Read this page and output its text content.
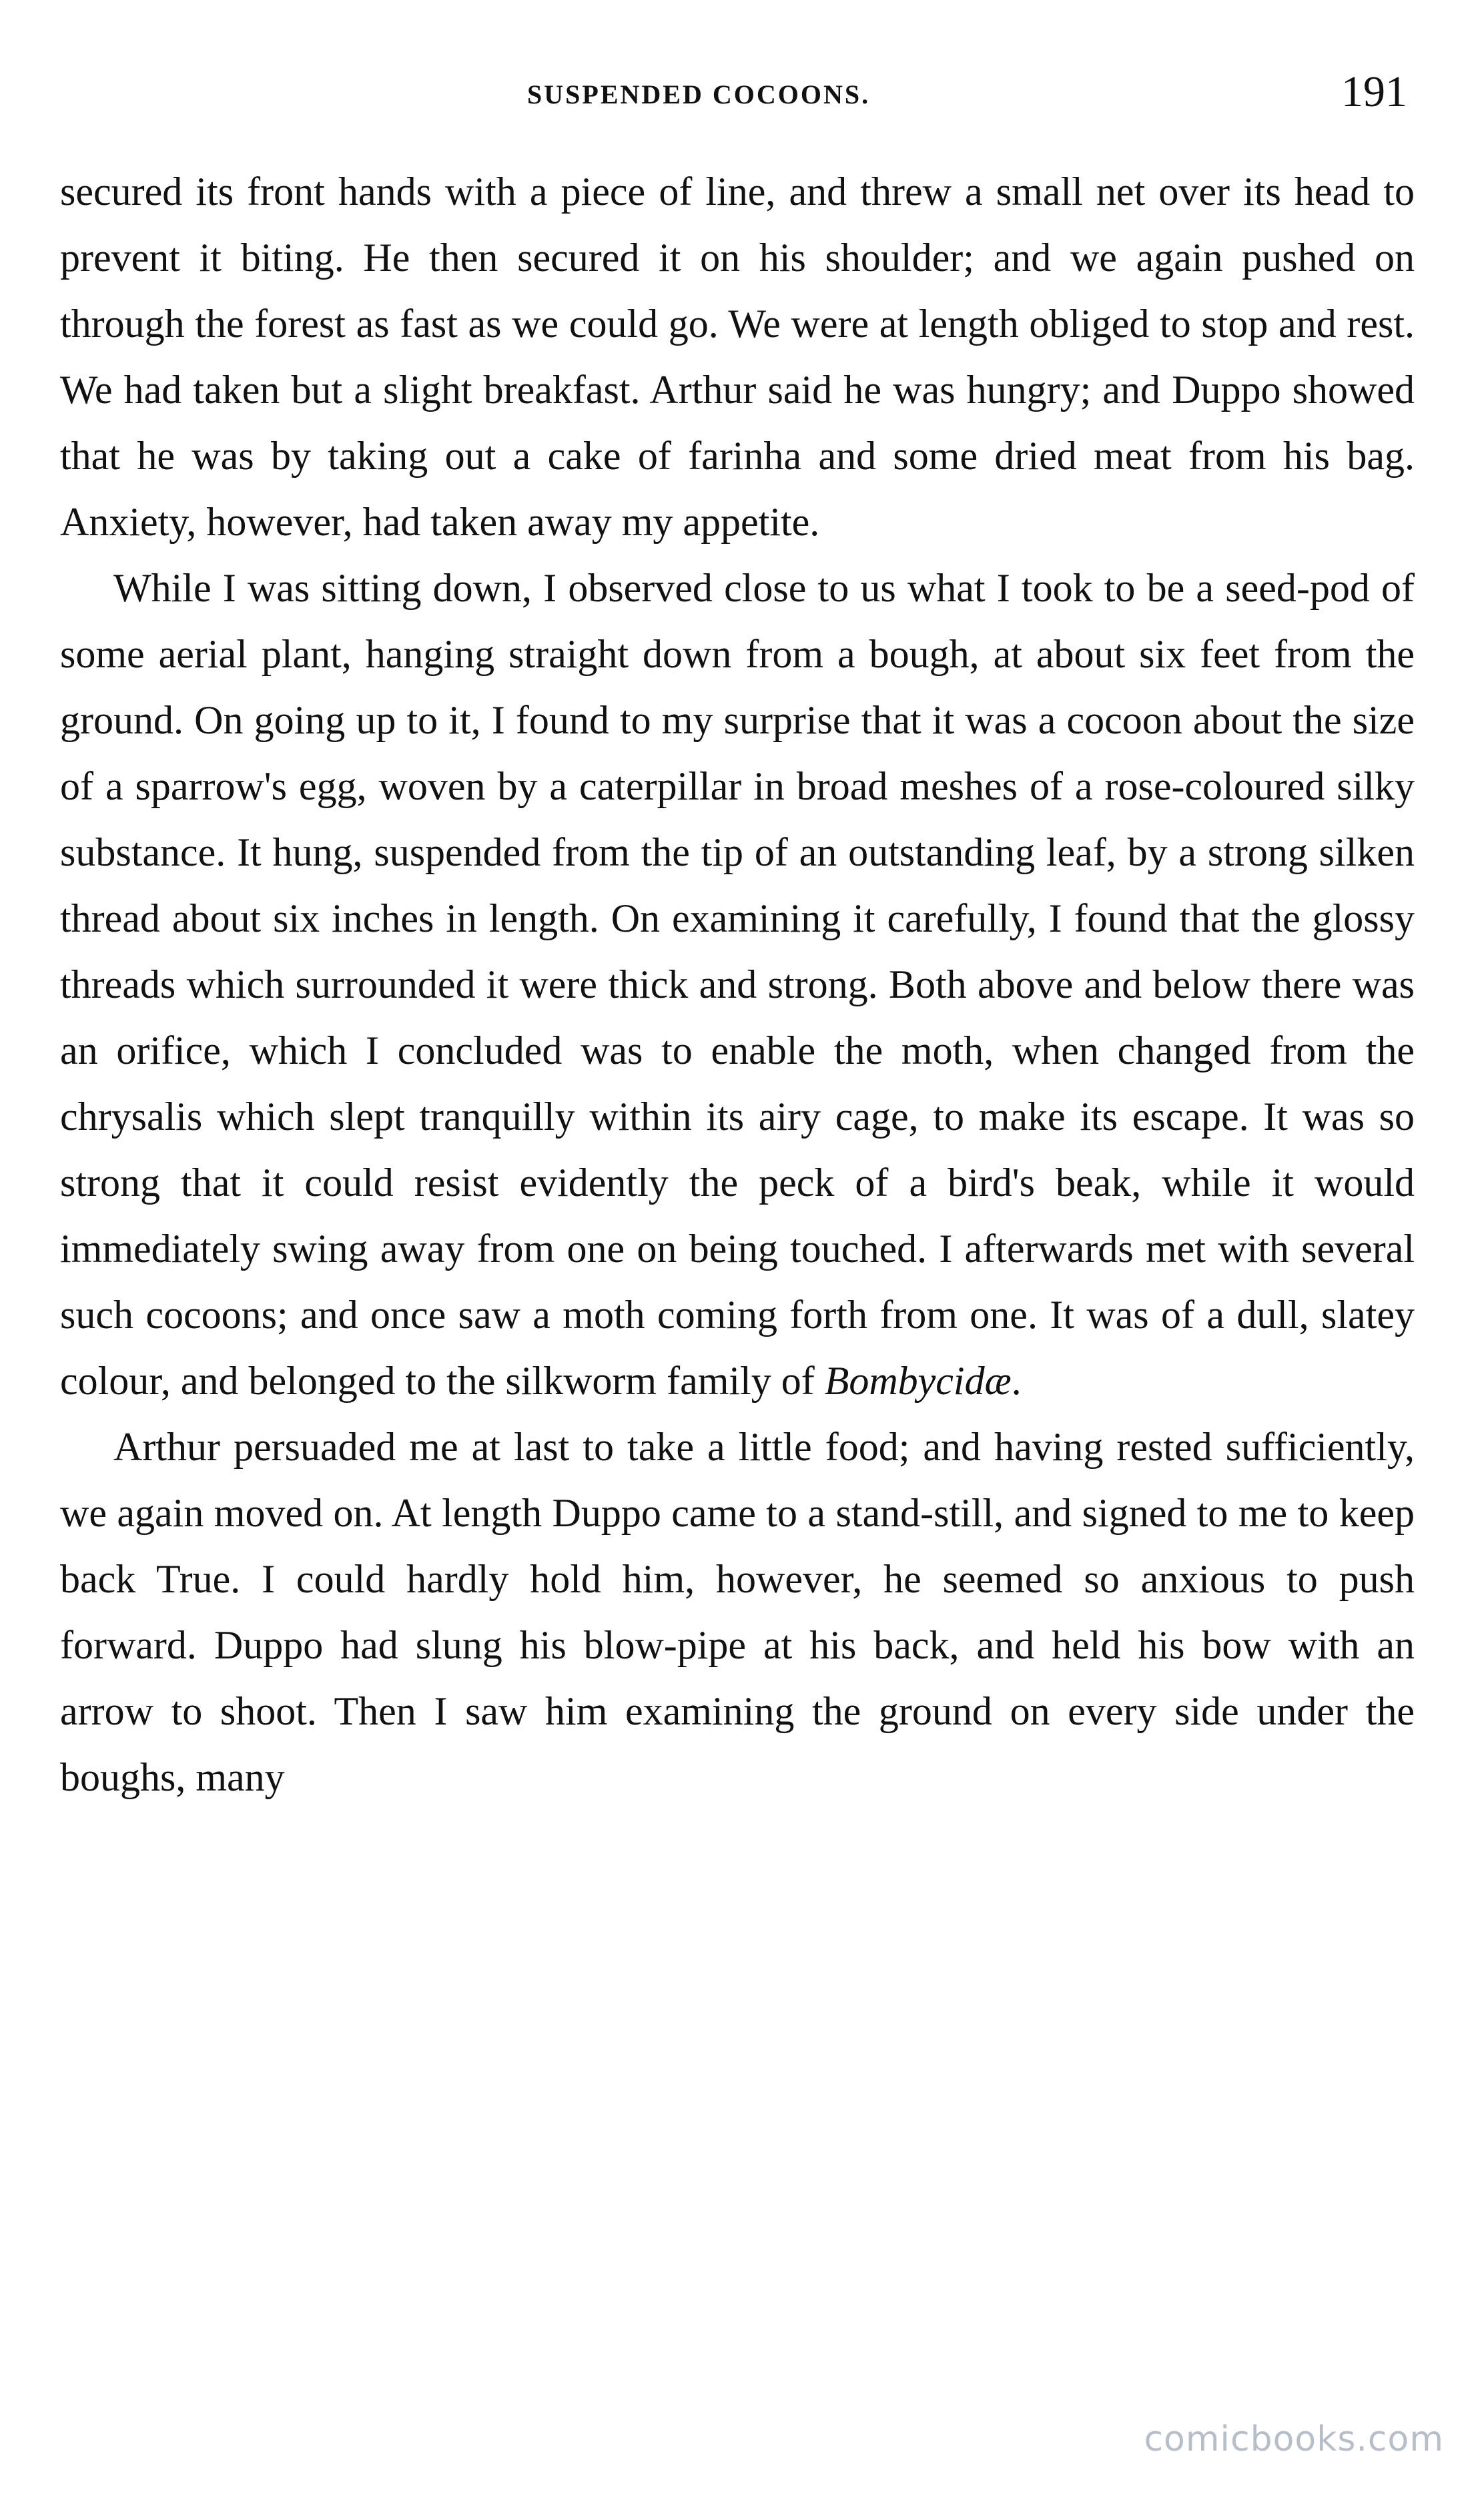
SUSPENDED COCOONS.	191

secured its front hands with a piece of line, and threw a small net over its head to prevent it biting. He then secured it on his shoulder; and we again pushed on through the forest as fast as we could go. We were at length obliged to stop and rest. We had taken but a slight breakfast. Arthur said he was hungry; and Duppo showed that he was by taking out a cake of farinha and some dried meat from his bag. Anxiety, however, had taken away my appetite.

While I was sitting down, I observed close to us what I took to be a seed-pod of some aerial plant, hanging straight down from a bough, at about six feet from the ground. On going up to it, I found to my surprise that it was a cocoon about the size of a sparrow's egg, woven by a caterpillar in broad meshes of a rose-coloured silky substance. It hung, suspended from the tip of an outstanding leaf, by a strong silken thread about six inches in length. On examining it carefully, I found that the glossy threads which surrounded it were thick and strong. Both above and below there was an orifice, which I concluded was to enable the moth, when changed from the chrysalis which slept tranquilly within its airy cage, to make its escape. It was so strong that it could resist evidently the peck of a bird's beak, while it would immediately swing away from one on being touched. I afterwards met with several such cocoons; and once saw a moth coming forth from one. It was of a dull, slatey colour, and belonged to the silkworm family of Bombycidæ.

Arthur persuaded me at last to take a little food; and having rested sufficiently, we again moved on. At length Duppo came to a stand-still, and signed to me to keep back True. I could hardly hold him, however, he seemed so anxious to push forward. Duppo had slung his blow-pipe at his back, and held his bow with an arrow to shoot. Then I saw him examining the ground on every side under the boughs, many

comicbooks.com
